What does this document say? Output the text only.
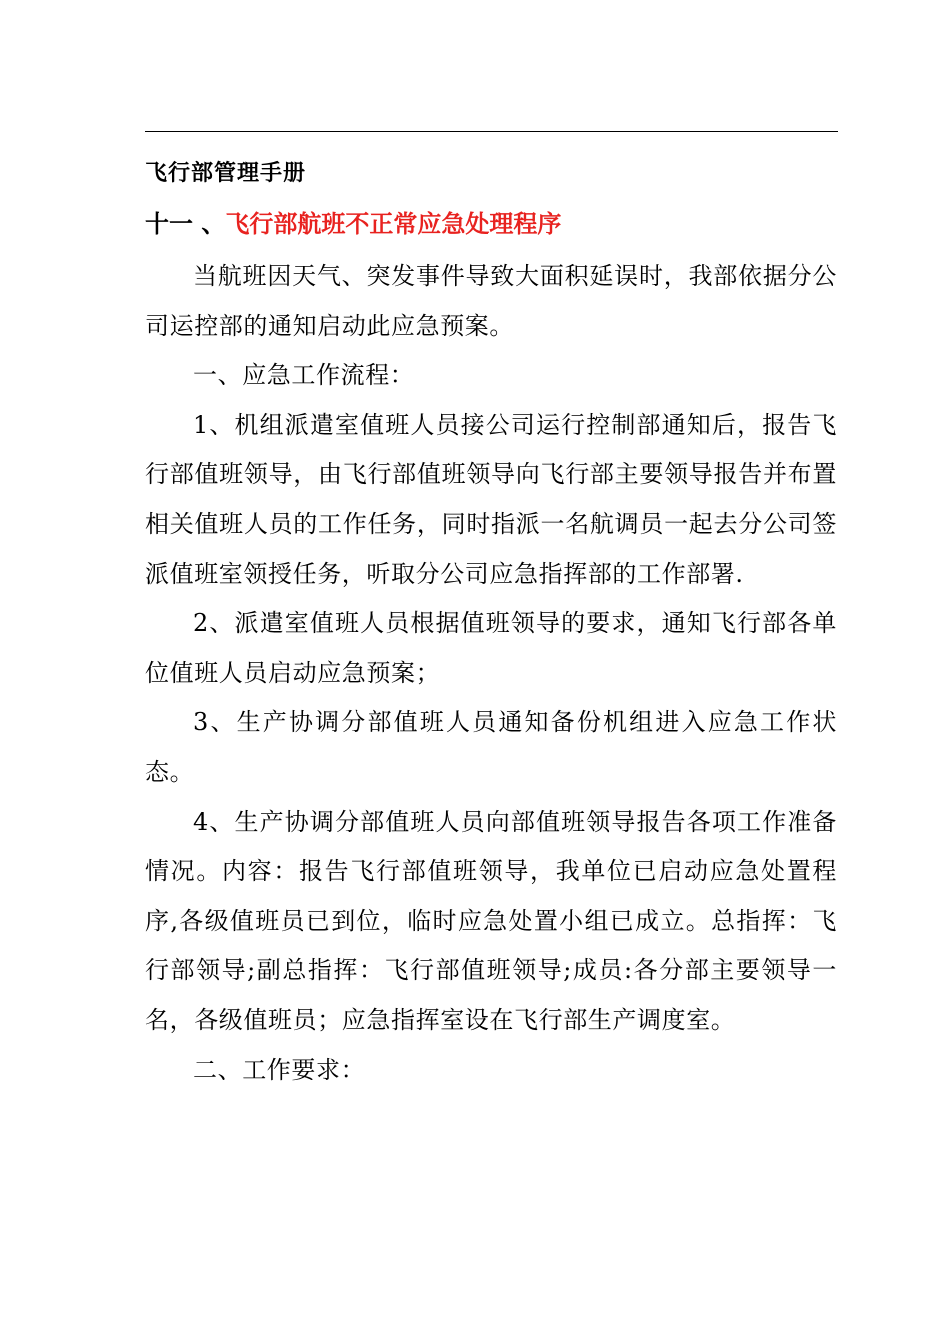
飞行部管理手册
十一 、飞行部航班不正常应急处理程序

当航班因天气、突发事件导致大面积延误时，我部依据分公司运控部的通知启动此应急预案。

一、应急工作流程：

1、机组派遣室值班人员接公司运行控制部通知后，报告飞行部值班领导，由飞行部值班领导向飞行部主要领导报告并布置相关值班人员的工作任务，同时指派一名航调员一起去分公司签派值班室领授任务，听取分公司应急指挥部的工作部署.

2、派遣室值班人员根据值班领导的要求，通知飞行部各单位值班人员启动应急预案；

3、生产协调分部值班人员通知备份机组进入应急工作状态。

4、生产协调分部值班人员向部值班领导报告各项工作准备情况。内容：报告飞行部值班领导，我单位已启动应急处置程序,各级值班员已到位，临时应急处置小组已成立。总指挥：飞行部领导;副总指挥：飞行部值班领导;成员:各分部主要领导一名，各级值班员；应急指挥室设在飞行部生产调度室。

二、工作要求：
